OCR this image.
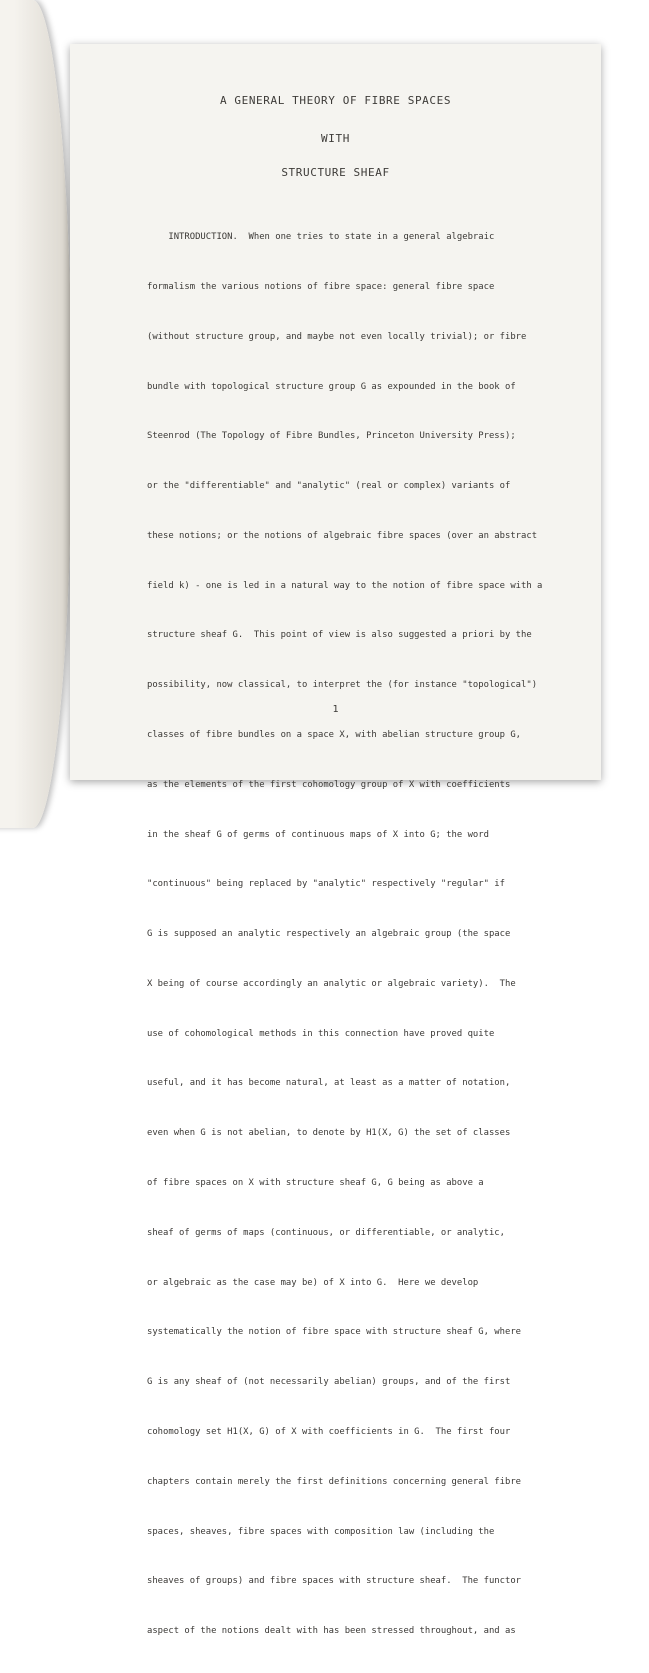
A GENERAL THEORY OF FIBRE SPACES
WITH
STRUCTURE SHEAF

INTRODUCTION.  When one tries to state in a general algebraic

formalism the various notions of fibre space: general fibre space

(without structure group, and maybe not even locally trivial); or fibre

bundle with topological structure group G as expounded in the book of

Steenrod (The Topology of Fibre Bundles, Princeton University Press);

or the "differentiable" and "analytic" (real or complex) variants of

these notions; or the notions of algebraic fibre spaces (over an abstract

field k) - one is led in a natural way to the notion of fibre space with a

structure sheaf G.  This point of view is also suggested a priori by the

possibility, now classical, to interpret the (for instance "topological")

classes of fibre bundles on a space X, with abelian structure group G,

as the elements of the first cohomology group of X with coefficients

in the sheaf G of germs of continuous maps of X into G; the word

"continuous" being replaced by "analytic" respectively "regular" if

G is supposed an analytic respectively an algebraic group (the space

X being of course accordingly an analytic or algebraic variety).  The

use of cohomological methods in this connection have proved quite

useful, and it has become natural, at least as a matter of notation,

even when G is not abelian, to denote by H1(X, G) the set of classes

of fibre spaces on X with structure sheaf G, G being as above a

sheaf of germs of maps (continuous, or differentiable, or analytic,

or algebraic as the case may be) of X into G.  Here we develop

systematically the notion of fibre space with structure sheaf G, where

G is any sheaf of (not necessarily abelian) groups, and of the first

cohomology set H1(X, G) of X with coefficients in G.  The first four

chapters contain merely the first definitions concerning general fibre

spaces, sheaves, fibre spaces with composition law (including the

sheaves of groups) and fibre spaces with structure sheaf.  The functor

aspect of the notions dealt with has been stressed throughout, and as

1
